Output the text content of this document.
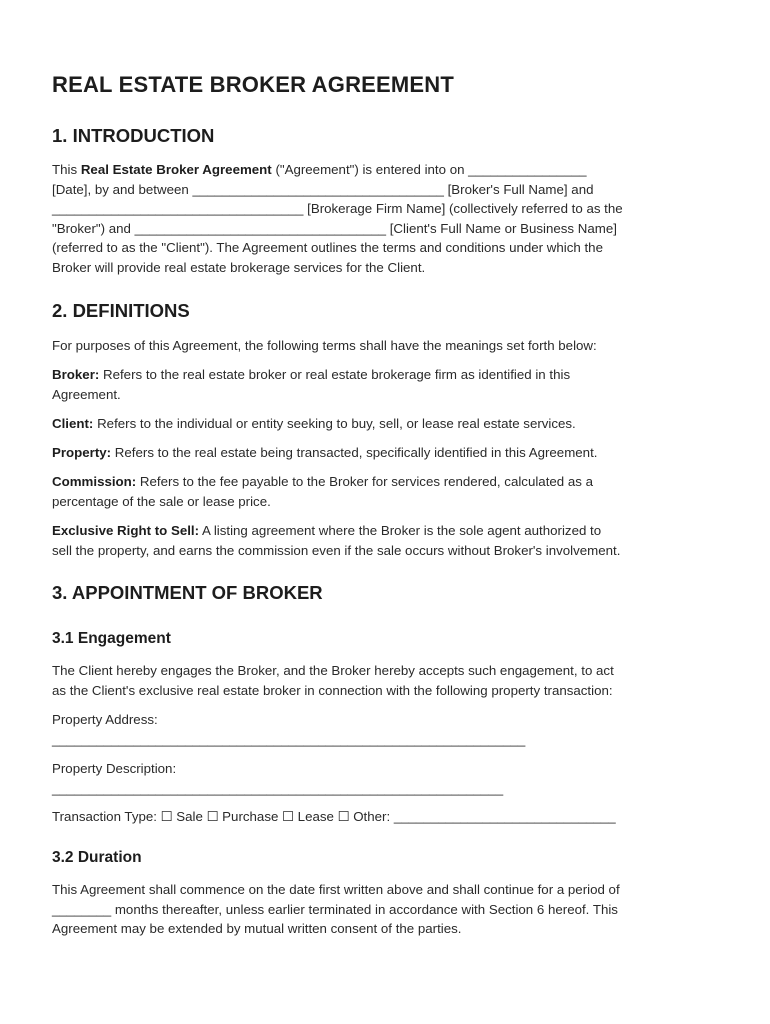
REAL ESTATE BROKER AGREEMENT
1. INTRODUCTION
This Real Estate Broker Agreement ("Agreement") is entered into on ________________
[Date], by and between __________________________________ [Broker's Full Name] and
__________________________________ [Brokerage Firm Name] (collectively referred to as the
"Broker") and __________________________________ [Client's Full Name or Business Name]
(referred to as the "Client"). The Agreement outlines the terms and conditions under which the
Broker will provide real estate brokerage services for the Client.
2. DEFINITIONS
For purposes of this Agreement, the following terms shall have the meanings set forth below:
Broker: Refers to the real estate broker or real estate brokerage firm as identified in this
Agreement.
Client: Refers to the individual or entity seeking to buy, sell, or lease real estate services.
Property: Refers to the real estate being transacted, specifically identified in this Agreement.
Commission: Refers to the fee payable to the Broker for services rendered, calculated as a
percentage of the sale or lease price.
Exclusive Right to Sell: A listing agreement where the Broker is the sole agent authorized to
sell the property, and earns the commission even if the sale occurs without Broker's involvement.
3. APPOINTMENT OF BROKER
3.1 Engagement
The Client hereby engages the Broker, and the Broker hereby accepts such engagement, to act
as the Client's exclusive real estate broker in connection with the following property transaction:
Property Address:
________________________________________________________________
Property Description:
_____________________________________________________________
Transaction Type: ☐ Sale ☐ Purchase ☐ Lease ☐ Other: ______________________________
3.2 Duration
This Agreement shall commence on the date first written above and shall continue for a period of
________ months thereafter, unless earlier terminated in accordance with Section 6 hereof. This
Agreement may be extended by mutual written consent of the parties.
